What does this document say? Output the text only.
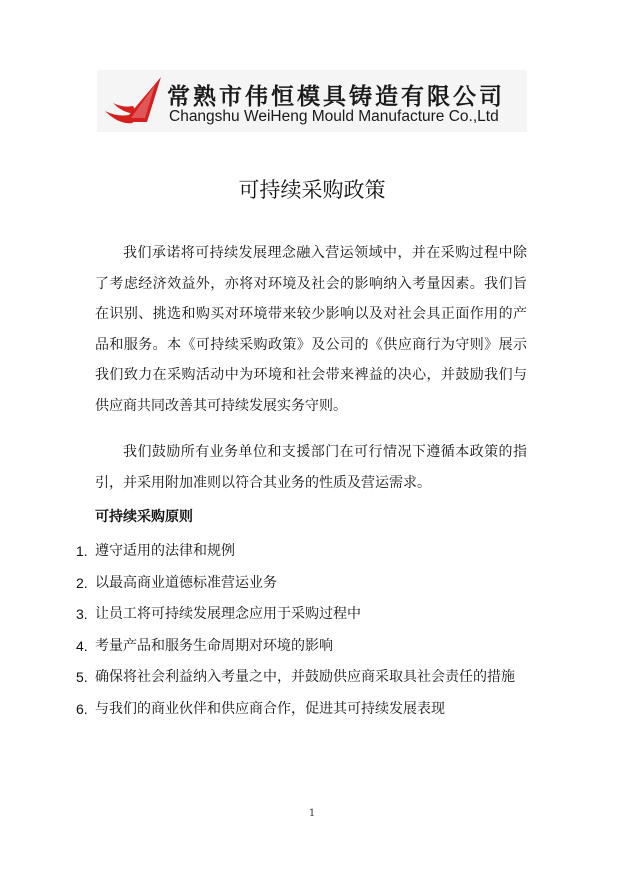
常熟市伟恒模具铸造有限公司
Changshu WeiHeng Mould Manufacture Co.,Ltd
可持续采购政策

我们承诺将可持续发展理念融入营运领域中，并在采购过程中除了考虑经济效益外，亦将对环境及社会的影响纳入考量因素。我们旨在识别、挑选和购买对环境带来较少影响以及对社会具正面作用的产品和服务。本《可持续采购政策》及公司的《供应商行为守则》展示我们致力在采购活动中为环境和社会带来裨益的决心，并鼓励我们与供应商共同改善其可持续发展实务守则。

我们鼓励所有业务单位和支援部门在可行情况下遵循本政策的指引，并采用附加准则以符合其业务的性质及营运需求。

可持续采购原则
1. 遵守适用的法律和规例
2. 以最高商业道德标准营运业务
3. 让员工将可持续发展理念应用于采购过程中
4. 考量产品和服务生命周期对环境的影响
5. 确保将社会利益纳入考量之中，并鼓励供应商采取具社会责任的措施
6. 与我们的商业伙伴和供应商合作，促进其可持续发展表现
1
